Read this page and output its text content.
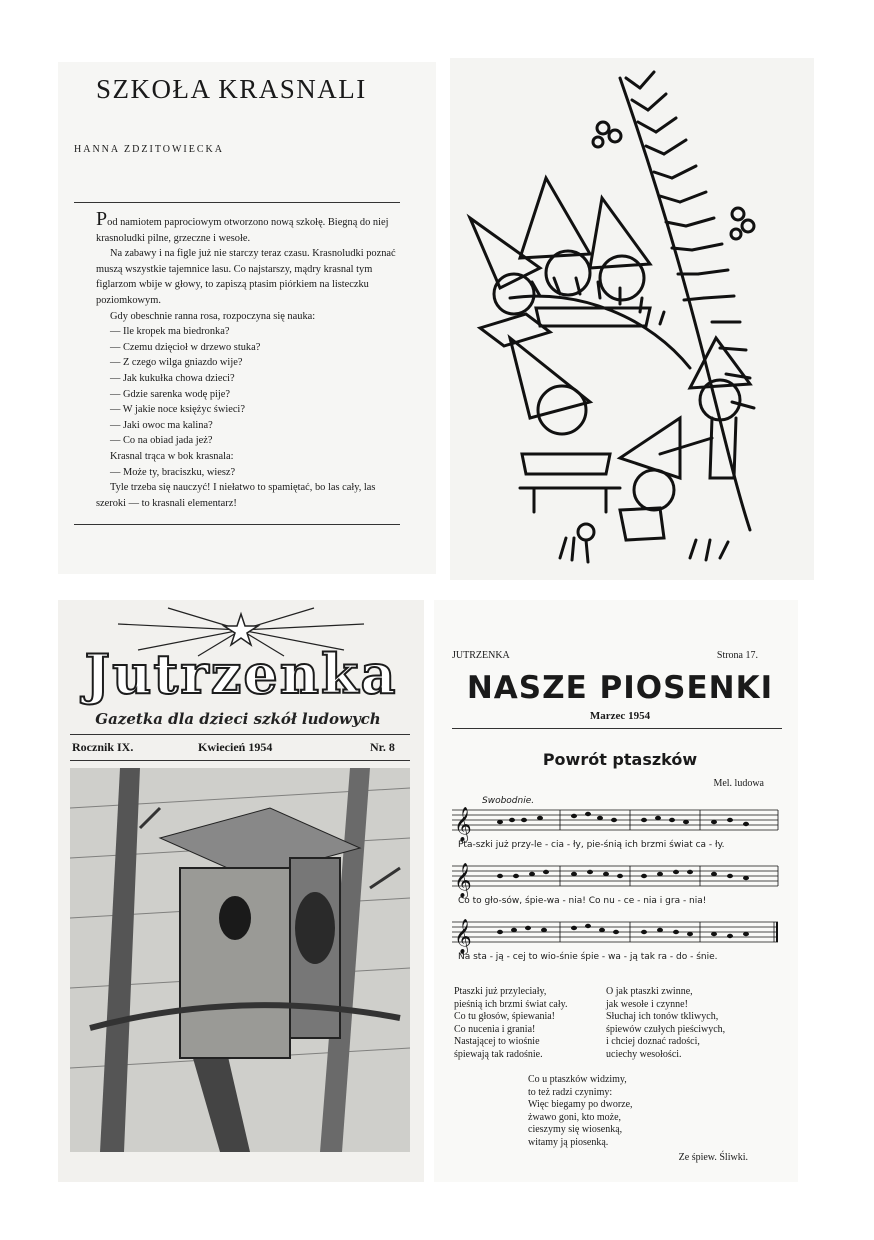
SZKOŁA KRASNALI
HANNA ZDZITOWIECKA

Pod namiotem paprociowym otworzono nową szkołę. Biegną do niej krasnoludki pilne, grzeczne i wesołe.

Na zabawy i na figle już nie starczy teraz czasu. Krasnoludki poznać muszą wszystkie tajemnice lasu. Co najstarszy, mądry krasnal tym figlarzom wbije w głowy, to zapiszą ptasim piórkiem na listeczku poziomkowym.

Gdy obeschnie ranna rosa, rozpoczyna się nauka:

— Ile kropek ma biedronka?

— Czemu dzięcioł w drzewo stuka?

— Z czego wilga gniazdo wije?

— Jak kukułka chowa dzieci?

— Gdzie sarenka wodę pije?

— W jakie noce księżyc świeci?

— Jaki owoc ma kalina?

— Co na obiad jada jeż?

Krasnal trąca w bok krasnala:

— Może ty, braciszku, wiesz?

Tyle trzeba się nauczyć! I niełatwo to spamiętać, bo las cały, las szeroki — to krasnali elementarz!

Jutrzenka
Gazetka dla dzieci szkół ludowych
Rocznik IX.	Kwiecień 1954	Nr. 8
JUTRZENKA	Strona 17.
NASZE PIOSENKI
Marzec 1954
Powrót ptaszków
Mel. ludowa
Swobodnie.
𝄞
𝄞
𝄞
Pta-szki już przy-le - cia - ły, pie-śnią ich brzmi świat ca - ły.
Co to gło-sów, śpie-wa - nia! Co nu - ce - nia i gra - nia!
Na sta - ją - cej to wio-śnie śpie - wa - ją tak ra - do - śnie.
Ptaszki już przyleciały,
pieśnią ich brzmi świat cały.
Co tu głosów, śpiewania!
Co nucenia i grania!
Nastającej to wiośnie
śpiewają tak radośnie.
O jak ptaszki zwinne,
jak wesołe i czynne!
Słuchaj ich tonów tkliwych,
śpiewów czułych pieściwych,
i chciej doznać radości,
uciechy wesołości.
Co u ptaszków widzimy,
to też radzi czynimy:
Więc biegamy po dworze,
żwawo goni, kto może,
cieszymy się wiosenką,
witamy ją piosenką.
Ze śpiew. Śliwki.
